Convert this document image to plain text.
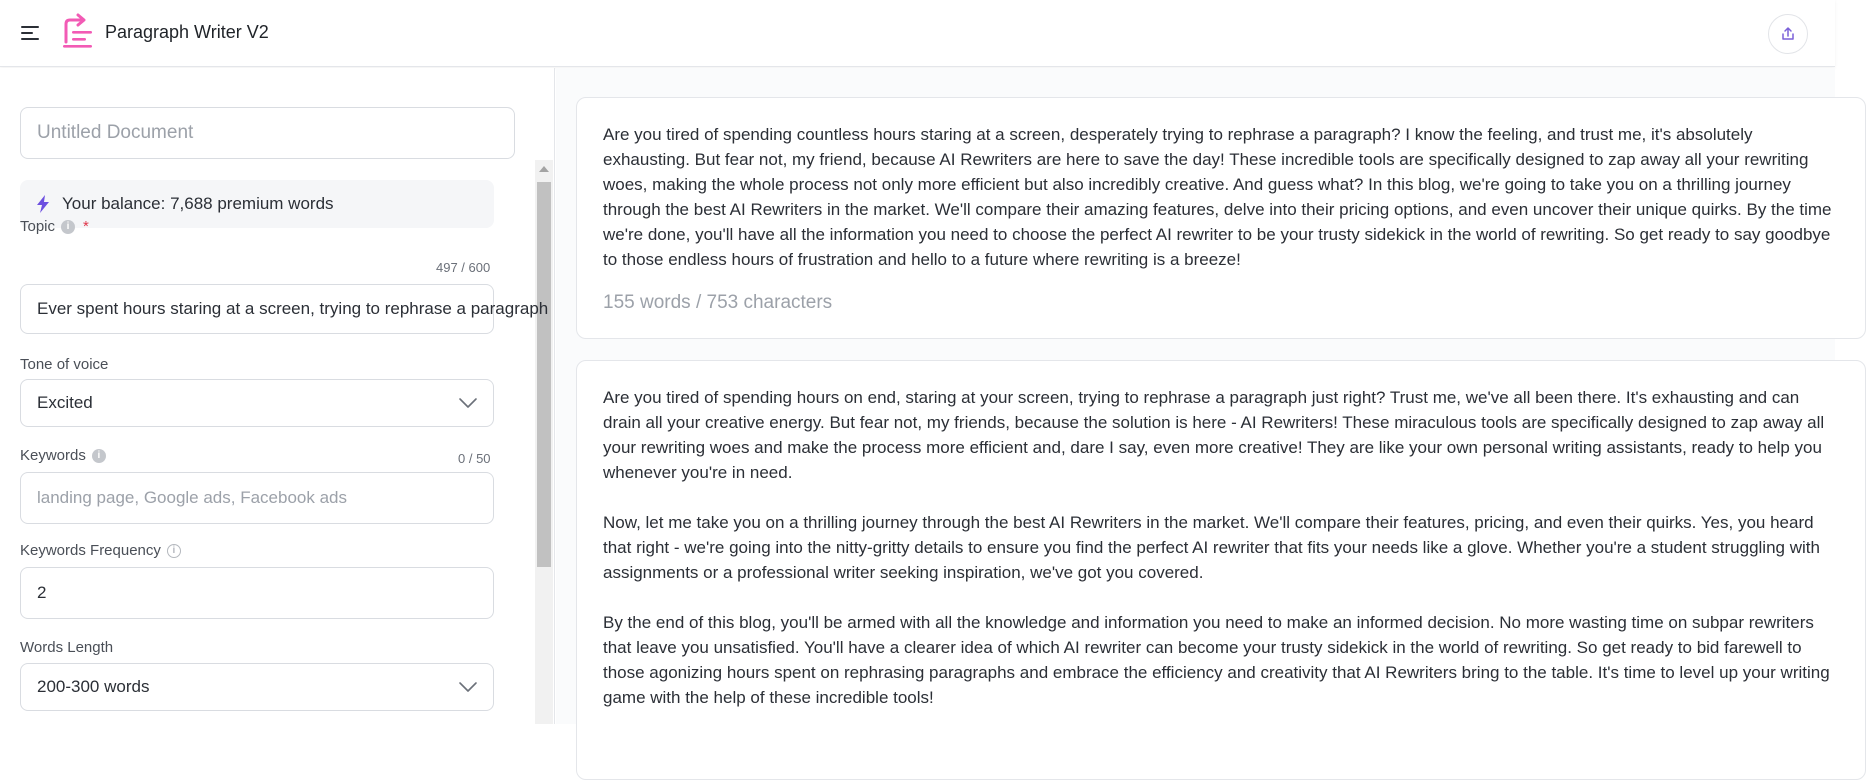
Paragraph Writer V2
Untitled Document
Your balance: 7,688 premium words
Topic	i *
497 / 600
Ever spent hours staring at a screen, trying to rephrase a paragraph
Tone of voice
Excited
Keywords	i	0 / 50
landing page, Google ads, Facebook ads
Keywords Frequency	i
2
Words Length
200-300 words

Are you tired of spending countless hours staring at a screen, desperately trying to rephrase a paragraph? I know the feeling, and trust me, it's absolutely exhausting. But fear not, my friend, because AI Rewriters are here to save the day! These incredible tools are specifically designed to zap away all your rewriting woes, making the whole process not only more efficient but also incredibly creative. And guess what? In this blog, we're going to take you on a thrilling journey through the best AI Rewriters in the market. We'll compare their amazing features, delve into their pricing options, and even uncover their unique quirks. By the time we're done, you'll have all the information you need to choose the perfect AI rewriter to be your trusty sidekick in the world of rewriting. So get ready to say goodbye to those endless hours of frustration and hello to a future where rewriting is a breeze!

155 words / 753 characters

Are you tired of spending hours on end, staring at your screen, trying to rephrase a paragraph just right? Trust me, we've all been there. It's exhausting and can drain all your creative energy. But fear not, my friends, because the solution is here - AI Rewriters! These miraculous tools are specifically designed to zap away all your rewriting woes and make the process more efficient and, dare I say, even more creative! They are like your own personal writing assistants, ready to help you whenever you're in need.

Now, let me take you on a thrilling journey through the best AI Rewriters in the market. We'll compare their features, pricing, and even their quirks. Yes, you heard that right - we're going into the nitty-gritty details to ensure you find the perfect AI rewriter that fits your needs like a glove. Whether you're a student struggling with assignments or a professional writer seeking inspiration, we've got you covered.

By the end of this blog, you'll be armed with all the knowledge and information you need to make an informed decision. No more wasting time on subpar rewriters that leave you unsatisfied. You'll have a clearer idea of which AI rewriter can become your trusty sidekick in the world of rewriting. So get ready to bid farewell to those agonizing hours spent on rephrasing paragraphs and embrace the efficiency and creativity that AI Rewriters bring to the table. It's time to level up your writing game with the help of these incredible tools!
